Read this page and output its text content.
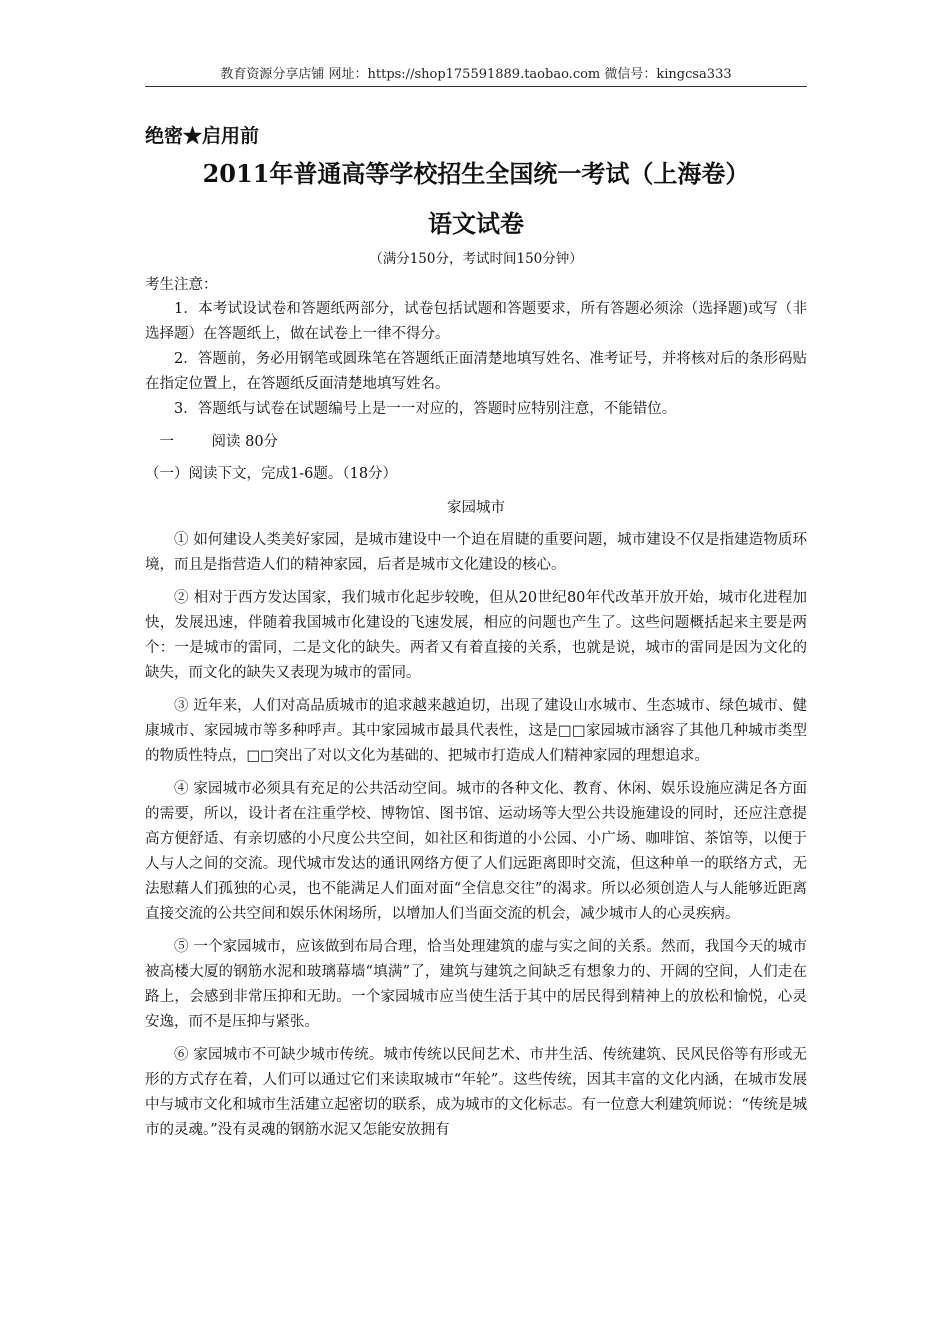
教育资源分享店铺 网址：https://shop175591889.taobao.com 微信号：kingcsa333
绝密★启用前
2011年普通高等学校招生全国统一考试（上海卷）
语文试卷
（满分150分，考试时间150分钟）
考生注意：

1．本考试设试卷和答题纸两部分，试卷包括试题和答题要求，所有答题必须涂（选择题)或写（非选择题）在答题纸上，做在试卷上一律不得分。

2．答题前，务必用钢笔或圆珠笔在答题纸正面清楚地填写姓名、准考证号，并将核对后的条形码贴在指定位置上，在答题纸反面清楚地填写姓名。

3．答题纸与试卷在试题编号上是一一对应的，答题时应特别注意，不能错位。

一	阅读 80分
（一）阅读下文，完成1-6题。（18分）
家园城市

① 如何建设人类美好家园，是城市建设中一个迫在眉睫的重要问题，城市建设不仅是指建造物质环境，而且是指营造人们的精神家园，后者是城市文化建设的核心。

② 相对于西方发达国家，我们城市化起步较晚，但从20世纪80年代改革开放开始，城市化进程加快，发展迅速，伴随着我国城市化建设的飞速发展，相应的问题也产生了。这些问题概括起来主要是两个：一是城市的雷同，二是文化的缺失。两者又有着直接的关系，也就是说，城市的雷同是因为文化的缺失，而文化的缺失又表现为城市的雷同。

③ 近年来，人们对高品质城市的追求越来越迫切，出现了建设山水城市、生态城市、绿色城市、健康城市、家园城市等多种呼声。其中家园城市最具代表性，这是□□家园城市涵容了其他几种城市类型的物质性特点，□□突出了对以文化为基础的、把城市打造成人们精神家园的理想追求。

④ 家园城市必须具有充足的公共活动空间。城市的各种文化、教育、休闲、娱乐设施应满足各方面的需要，所以，设计者在注重学校、博物馆、图书馆、运动场等大型公共设施建设的同时，还应注意提高方便舒适、有亲切感的小尺度公共空间，如社区和街道的小公园、小广场、咖啡馆、茶馆等，以便于人与人之间的交流。现代城市发达的通讯网络方便了人们远距离即时交流，但这种单一的联络方式，无法慰藉人们孤独的心灵，也不能满足人们面对面“全信息交往”的渴求。所以必须创造人与人能够近距离直接交流的公共空间和娱乐休闲场所，以增加人们当面交流的机会，减少城市人的心灵疾病。

⑤ 一个家园城市，应该做到布局合理，恰当处理建筑的虚与实之间的关系。然而，我国今天的城市被高楼大厦的钢筋水泥和玻璃幕墙“填满”了，建筑与建筑之间缺乏有想象力的、开阔的空间，人们走在路上，会感到非常压抑和无助。一个家园城市应当使生活于其中的居民得到精神上的放松和愉悦，心灵安逸，而不是压抑与紧张。

⑥ 家园城市不可缺少城市传统。城市传统以民间艺术、市井生活、传统建筑、民风民俗等有形或无形的方式存在着，人们可以通过它们来读取城市“年轮”。这些传统，因其丰富的文化内涵，在城市发展中与城市文化和城市生活建立起密切的联系，成为城市的文化标志。有一位意大利建筑师说：“传统是城市的灵魂。”没有灵魂的钢筋水泥又怎能安放拥有
